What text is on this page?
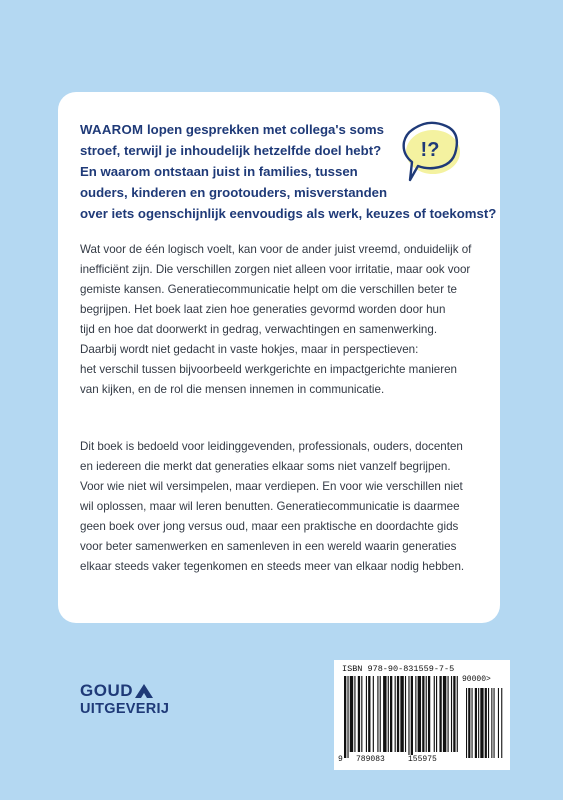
WAAROM lopen gesprekken met collega's soms
stroef, terwijl je inhoudelijk hetzelfde doel hebt?
En waarom ontstaan juist in families, tussen
ouders, kinderen en grootouders, misverstanden
over iets ogenschijnlijk eenvoudigs als werk, keuzes of toekomst?
!?
Wat voor de één logisch voelt, kan voor de ander juist vreemd, onduidelijk of
inefficiënt zijn. Die verschillen zorgen niet alleen voor irritatie, maar ook voor
gemiste kansen. Generatiecommunicatie helpt om die verschillen beter te
begrijpen. Het boek laat zien hoe generaties gevormd worden door hun
tijd en hoe dat doorwerkt in gedrag, verwachtingen en samenwerking.
Daarbij wordt niet gedacht in vaste hokjes, maar in perspectieven:
het verschil tussen bijvoorbeeld werkgerichte en impactgerichte manieren
van kijken, en de rol die mensen innemen in communicatie.
Dit boek is bedoeld voor leidinggevenden, professionals, ouders, docenten
en iedereen die merkt dat generaties elkaar soms niet vanzelf begrijpen.
Voor wie niet wil versimpelen, maar verdiepen. En voor wie verschillen niet
wil oplossen, maar wil leren benutten. Generatiecommunicatie is daarmee
geen boek over jong versus oud, maar een praktische en doordachte gids
voor beter samenwerken en samenleven in een wereld waarin generaties
elkaar steeds vaker tegenkomen en steeds meer van elkaar nodig hebben.
GOUD
UITGEVERIJ
ISBN 978-90-831559-7-5
90000>
9 789083	155975
